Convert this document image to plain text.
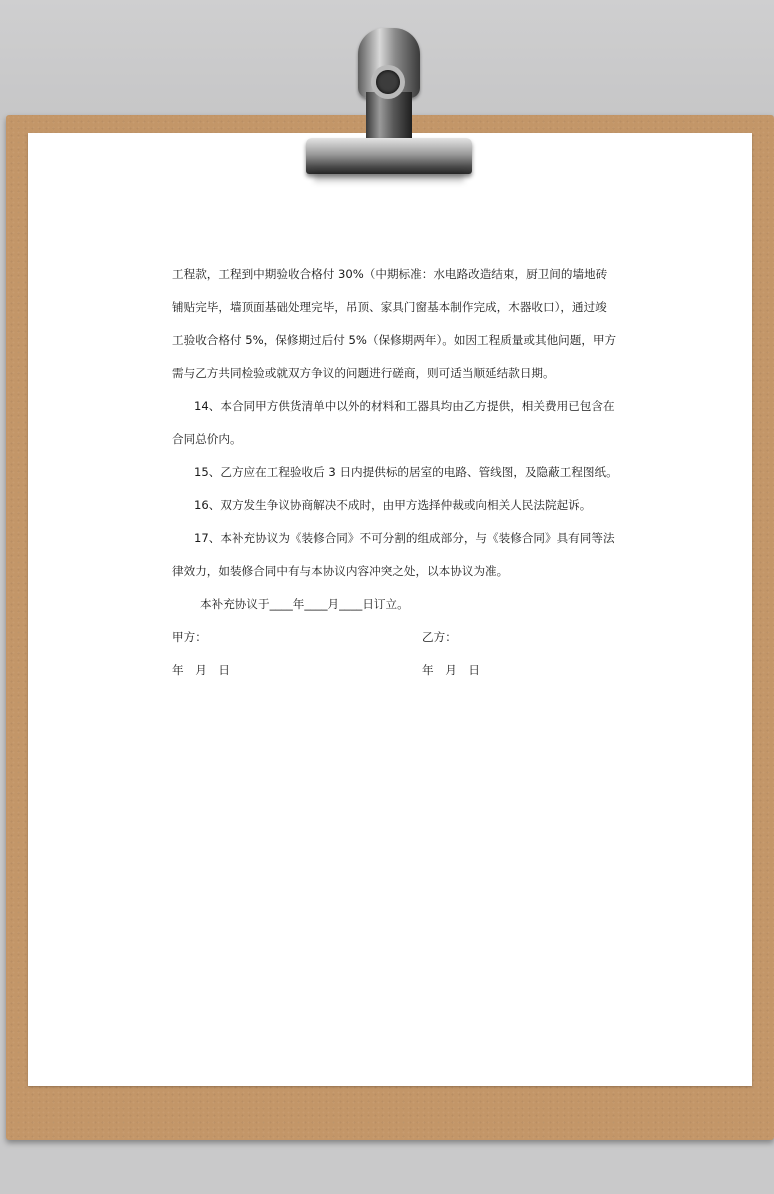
工程款，工程到中期验收合格付 30%（中期标准：水电路改造结束，厨卫间的墙地砖
铺贴完毕，墙顶面基础处理完毕，吊顶、家具门窗基本制作完成，木器收口），通过竣
工验收合格付 5%，保修期过后付 5%（保修期两年）。如因工程质量或其他问题，甲方
需与乙方共同检验或就双方争议的问题进行磋商，则可适当顺延结款日期。
14、本合同甲方供货清单中以外的材料和工器具均由乙方提供，相关费用已包含在
合同总价内。
15、乙方应在工程验收后 3 日内提供标的居室的电路、管线图，及隐蔽工程图纸。
16、双方发生争议协商解决不成时，由甲方选择仲裁或向相关人民法院起诉。
17、本补充协议为《装修合同》不可分割的组成部分，与《装修合同》具有同等法
律效力，如装修合同中有与本协议内容冲突之处，以本协议为准。
本补充协议于____年____月____日订立。
甲方：	乙方：
年　月　日	年　月　日
